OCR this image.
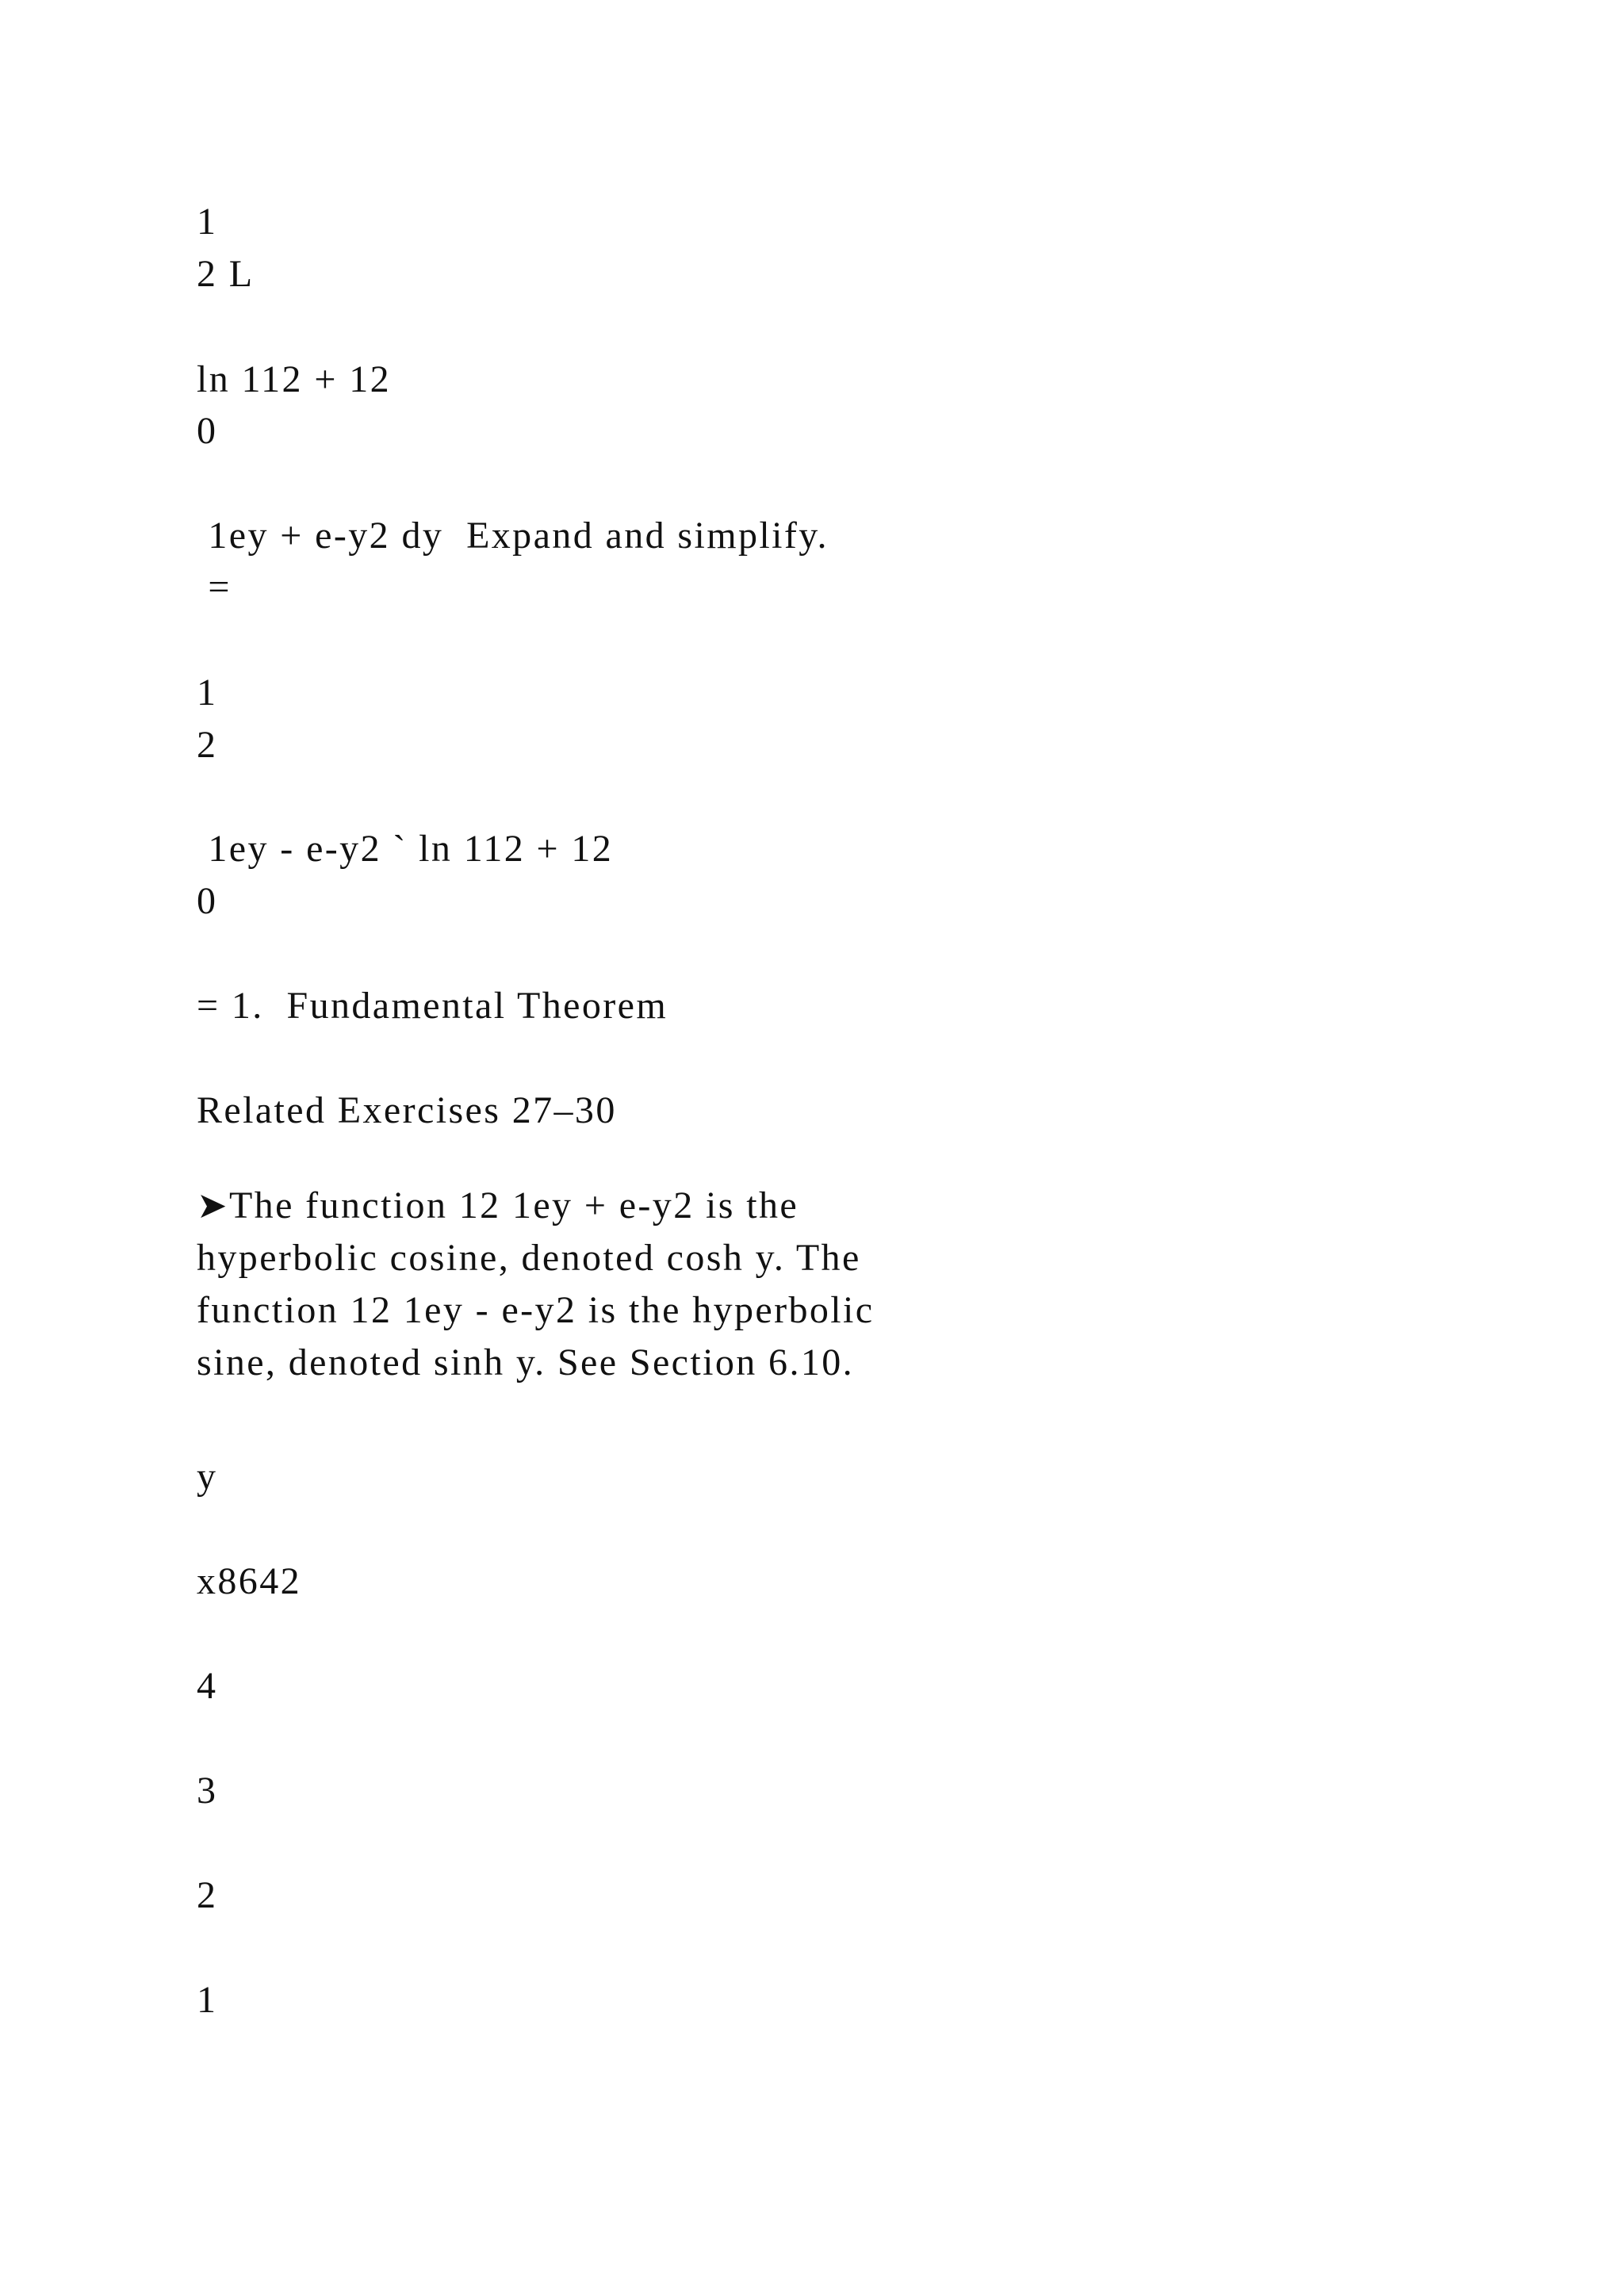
1
2 L
ln 112 + 12
0
1ey + e-y2 dy  Expand and simplify.
=
1
2
1ey - e-y2 ` ln 112 + 12
0
= 1.  Fundamental Theorem
Related Exercises 27–30
➤The function 12 1ey + e-y2 is the
hyperbolic cosine, denoted cosh y. The
function 12 1ey - e-y2 is the hyperbolic
sine, denoted sinh y. See Section 6.10.
y
x8642
4
3
2
1
